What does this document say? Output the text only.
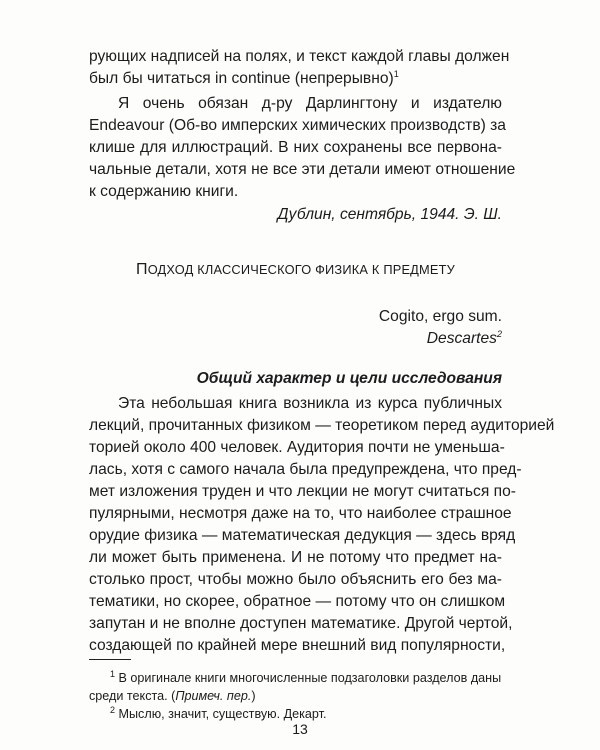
рующих надписей на полях, и текст каждой главы должен
был бы читаться in continue (непрерывно)$^1$
Я очень обязан д-ру Дарлингтону и издателю
Endeavour (Об-во имперских химических производств) за
клише для иллюстраций. В них сохранены все первона-
чальные детали, хотя не все эти детали имеют отношение
к содержанию книги.
Дублин, сентябрь, 1944. Э. Ш.
ПОДХОД КЛАССИЧЕСКОГО ФИЗИКА К ПРЕДМЕТУ
Cogito, ergo sum.
Descartes$^2$
Общий характер и цели исследования
Эта небольшая книга возникла из курса публичных
лекций, прочитанных физиком — теоретиком перед аудиторией
торией около 400 человек. Аудитория почти не уменьша-
лась, хотя с самого начала была предупреждена, что пред-
мет изложения труден и что лекции не могут считаться по-
пулярными, несмотря даже на то, что наиболее страшное
орудие физика — математическая дедукция — здесь вряд
ли может быть применена. И не потому что предмет на-
столько прост, чтобы можно было объяснить его без ма-
тематики, но скорее, обратное — потому что он слишком
запутан и не вполне доступен математике. Другой чертой,
создающей по крайней мере внешний вид популярности,
$^1$ В оригинале книги многочисленные подзаголовки разделов даны
среди текста. (Примеч. пер.)
$^2$ Мыслю, значит, существую. Декарт.
13
